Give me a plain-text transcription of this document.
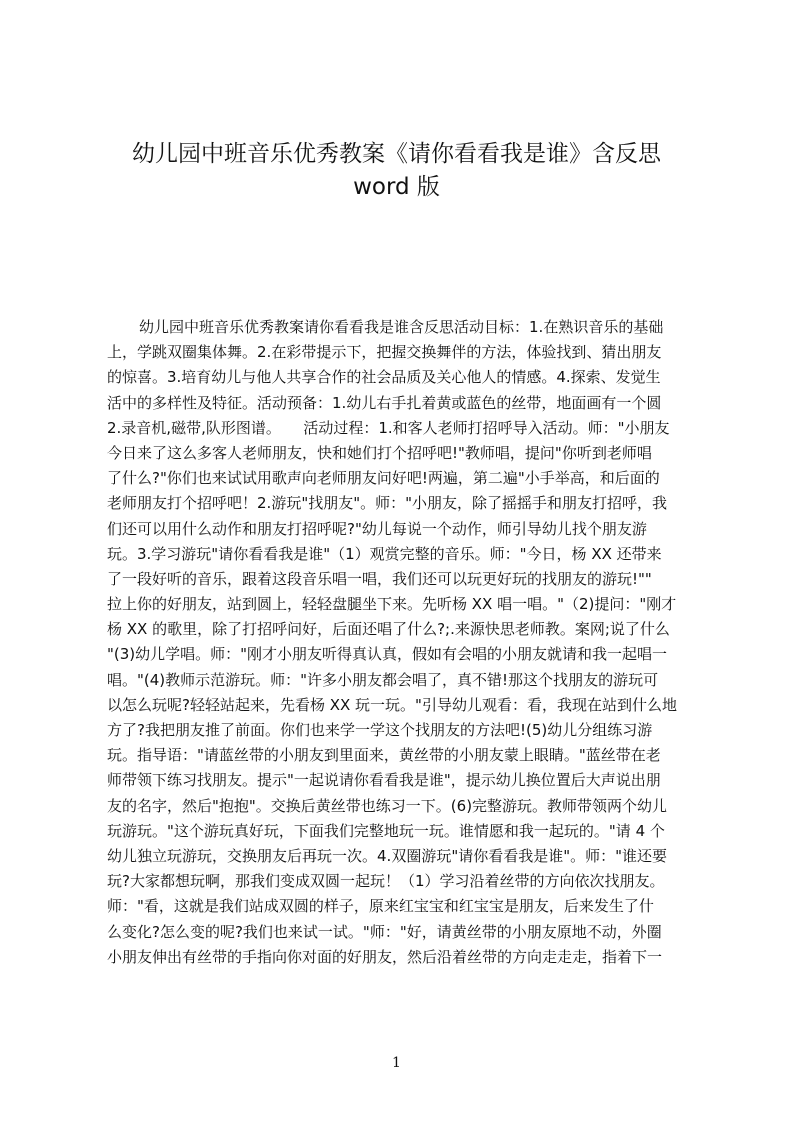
幼儿园中班音乐优秀教案《请你看看我是谁》含反思
word 版
幼儿园中班音乐优秀教案请你看看我是谁含反思活动目标：1.在熟识音乐的基础
上，学跳双圈集体舞。2.在彩带提示下，把握交换舞伴的方法，体验找到、猜出朋友
的惊喜。3.培育幼儿与他人共享合作的社会品质及关心他人的情感。4.探索、发觉生
活中的多样性及特征。活动预备：1.幼儿右手扎着黄或蓝色的丝带，地面画有一个圆
2.录音机,磁带,队形图谱。　　活动过程：1.和客人老师打招呼导入活动。师："小朋友
今日来了这么多客人老师朋友，快和她们打个招呼吧!"教师唱，提问"你听到老师唱
了什么?"你们也来试试用歌声向老师朋友问好吧!两遍，第二遍"小手举高，和后面的
老师朋友打个招呼吧！2.游玩"找朋友"。师："小朋友，除了摇摇手和朋友打招呼，我
们还可以用什么动作和朋友打招呼呢?"幼儿每说一个动作，师引导幼儿找个朋友游
玩。3.学习游玩"请你看看我是谁"（1）观赏完整的音乐。师："今日，杨 XX 还带来
了一段好听的音乐，跟着这段音乐唱一唱，我们还可以玩更好玩的找朋友的游玩!""
拉上你的好朋友，站到圆上，轻轻盘腿坐下来。先听杨 XX 唱一唱。"（2)提问："刚才
杨 XX 的歌里，除了打招呼问好，后面还唱了什么?;.来源快思老师教。案网;说了什么
"(3)幼儿学唱。师："刚才小朋友听得真认真，假如有会唱的小朋友就请和我一起唱一
唱。"(4)教师示范游玩。师："许多小朋友都会唱了，真不错!那这个找朋友的游玩可
以怎么玩呢?轻轻站起来，先看杨 XX 玩一玩。"引导幼儿观看：看，我现在站到什么地
方了?我把朋友推了前面。你们也来学一学这个找朋友的方法吧!(5)幼儿分组练习游
玩。指导语："请蓝丝带的小朋友到里面来，黄丝带的小朋友蒙上眼睛。"蓝丝带在老
师带领下练习找朋友。提示"一起说请你看看我是谁"，提示幼儿换位置后大声说出朋
友的名字，然后"抱抱"。交换后黄丝带也练习一下。(6)完整游玩。教师带领两个幼儿
玩游玩。"这个游玩真好玩，下面我们完整地玩一玩。谁情愿和我一起玩的。"请 4 个
幼儿独立玩游玩，交换朋友后再玩一次。4.双圈游玩"请你看看我是谁"。师："谁还要
玩?大家都想玩啊，那我们变成双圆一起玩！（1）学习沿着丝带的方向依次找朋友。
师："看，这就是我们站成双圆的样子，原来红宝宝和红宝宝是朋友，后来发生了什
么变化?怎么变的呢?我们也来试一试。"师："好，请黄丝带的小朋友原地不动，外圈
小朋友伸出有丝带的手指向你对面的好朋友，然后沿着丝带的方向走走走，指着下一
1
